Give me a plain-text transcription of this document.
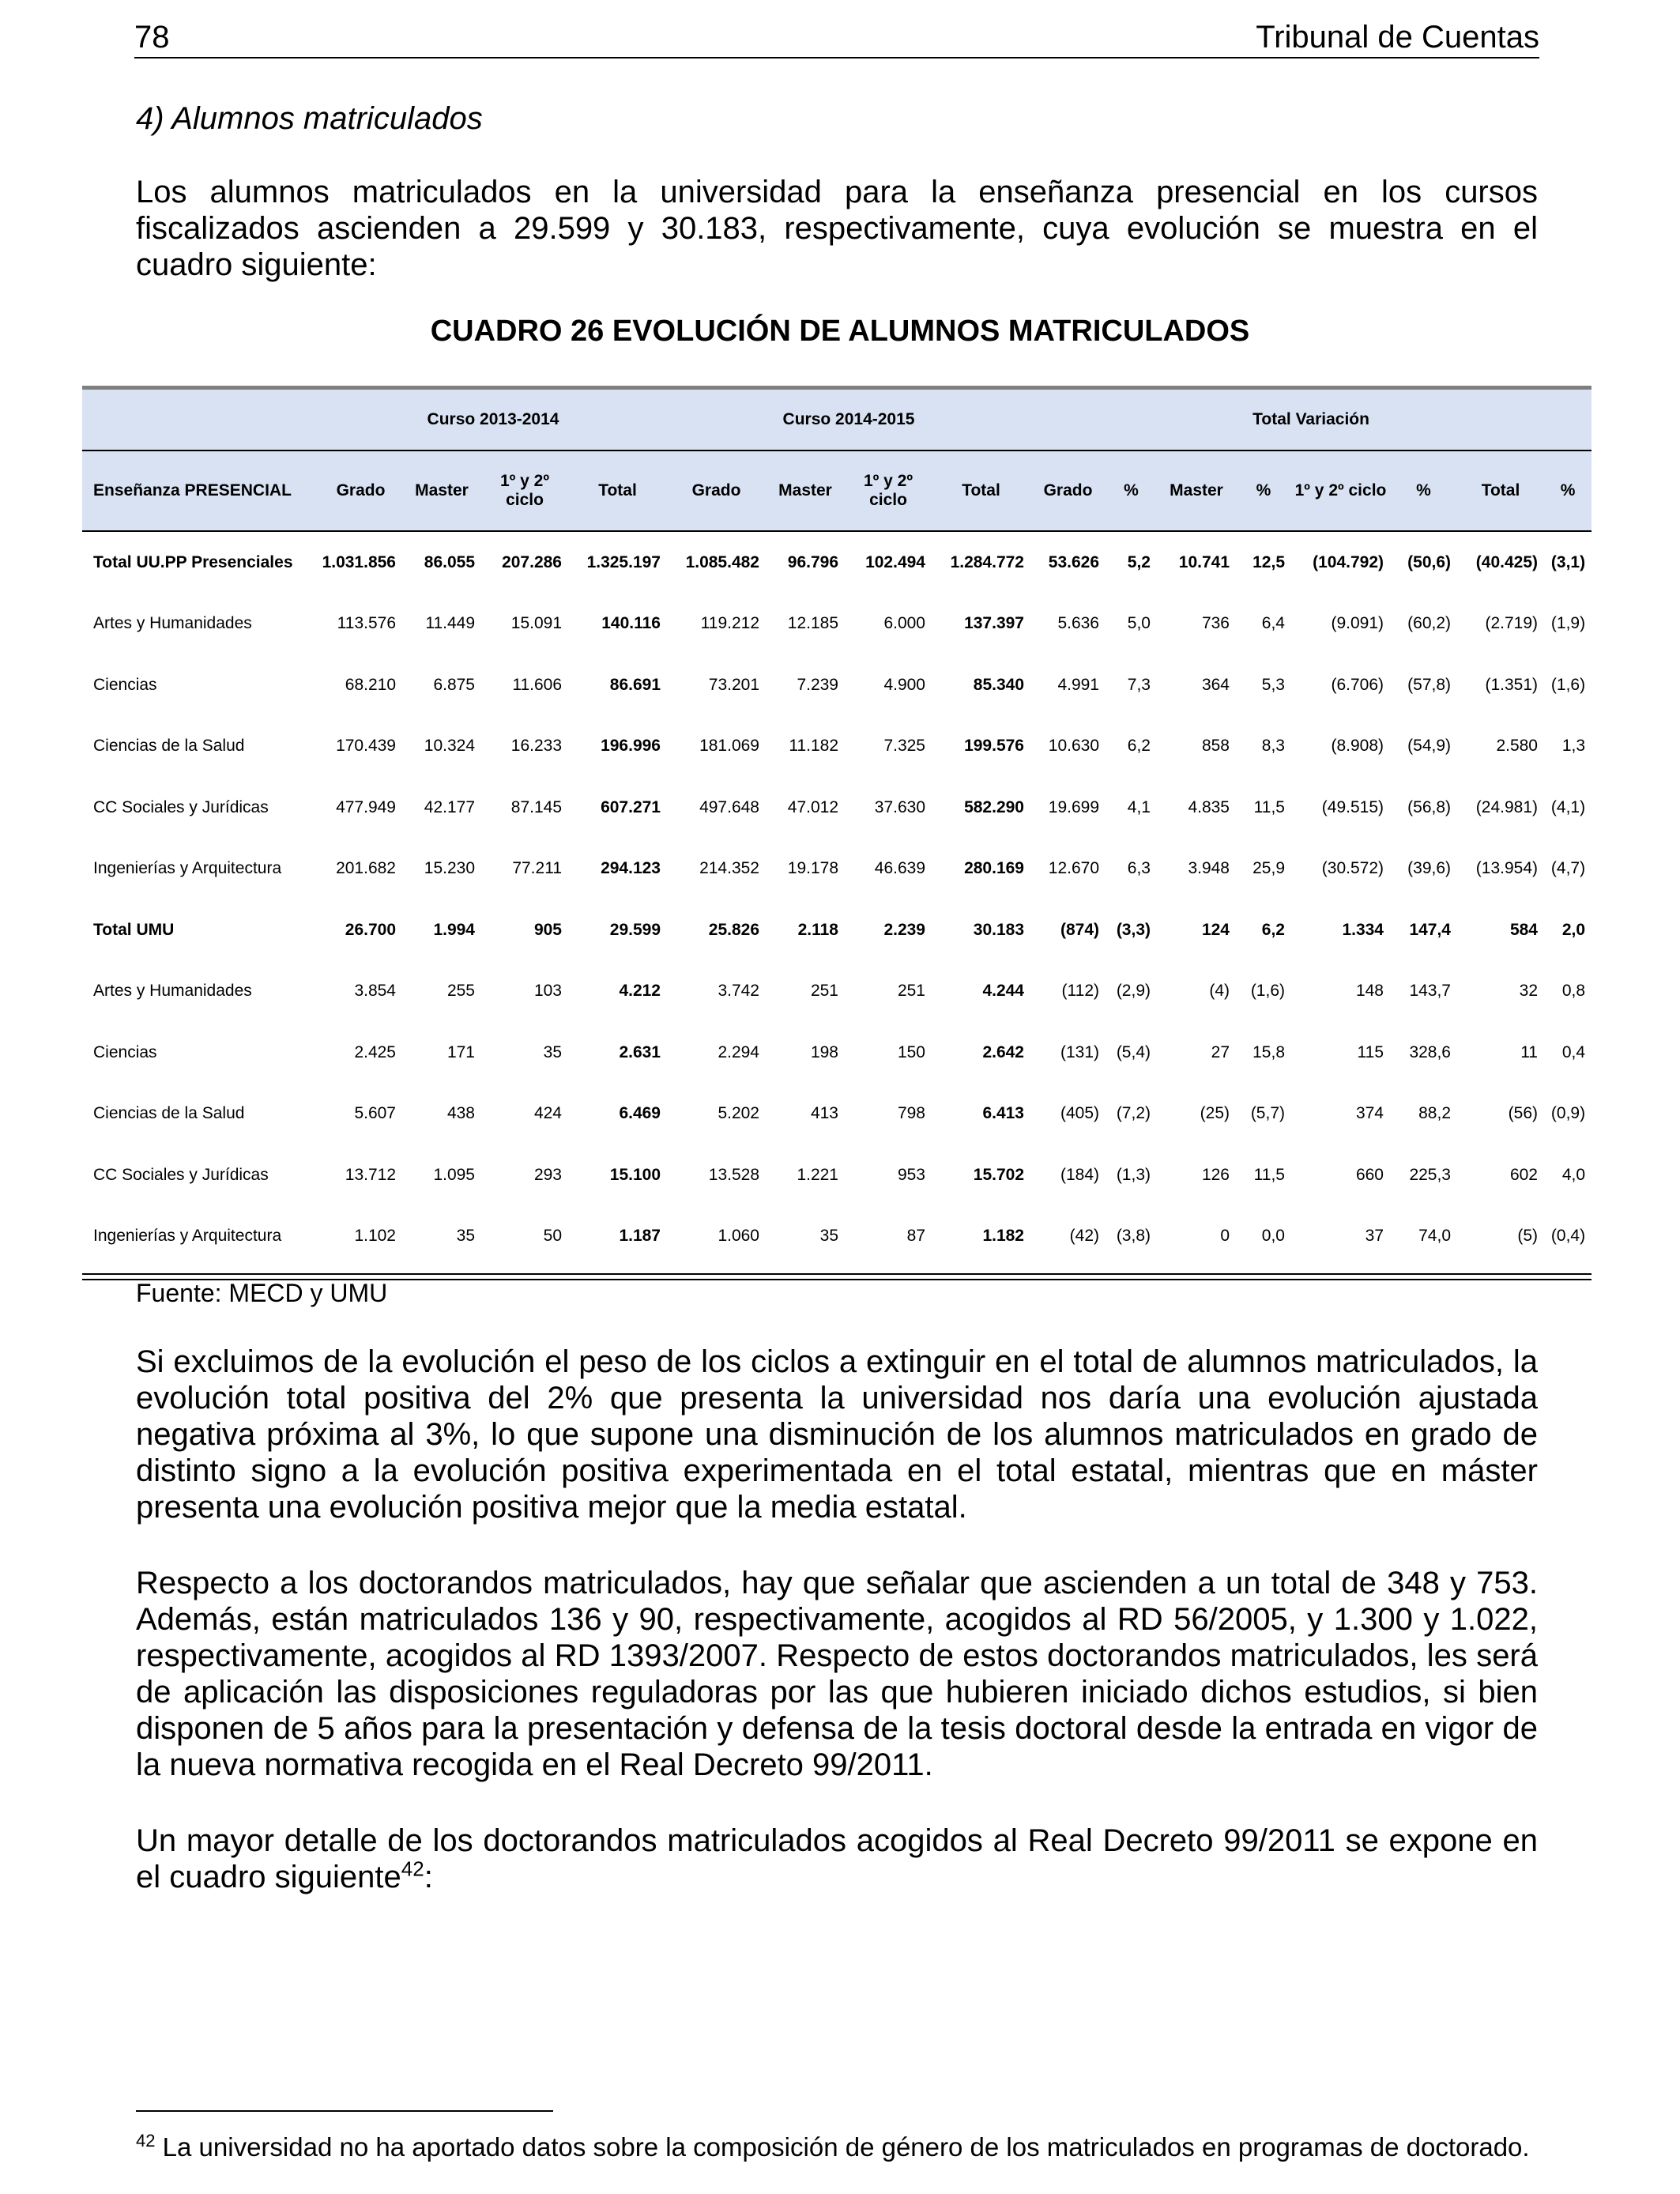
78	Tribunal de Cuentas
4) Alumnos matriculados
Los alumnos matriculados en la universidad para la enseñanza presencial en los cursos fiscalizados ascienden a 29.599 y 30.183, respectivamente, cuya evolución se muestra en el cuadro siguiente:
CUADRO 26 EVOLUCIÓN DE ALUMNOS MATRICULADOS
	Curso 2013-2014				Curso 2014-2015				Total Variación							
Enseñanza PRESENCIAL	Grado	Master	1º y 2º ciclo	Total	Grado	Master	1º y 2º ciclo	Total	Grado	%	Master	%	1º y 2º ciclo	%	Total	%
Total UU.PP Presenciales	1.031.856	86.055	207.286	1.325.197	1.085.482	96.796	102.494	1.284.772	53.626	5,2	10.741	12,5	(104.792)	(50,6)	(40.425)	(3,1)
Artes y Humanidades	113.576	11.449	15.091	140.116	119.212	12.185	6.000	137.397	5.636	5,0	736	6,4	(9.091)	(60,2)	(2.719)	(1,9)
Ciencias	68.210	6.875	11.606	86.691	73.201	7.239	4.900	85.340	4.991	7,3	364	5,3	(6.706)	(57,8)	(1.351)	(1,6)
Ciencias de la Salud	170.439	10.324	16.233	196.996	181.069	11.182	7.325	199.576	10.630	6,2	858	8,3	(8.908)	(54,9)	2.580	1,3
CC Sociales y Jurídicas	477.949	42.177	87.145	607.271	497.648	47.012	37.630	582.290	19.699	4,1	4.835	11,5	(49.515)	(56,8)	(24.981)	(4,1)
Ingenierías y Arquitectura	201.682	15.230	77.211	294.123	214.352	19.178	46.639	280.169	12.670	6,3	3.948	25,9	(30.572)	(39,6)	(13.954)	(4,7)
Total UMU	26.700	1.994	905	29.599	25.826	2.118	2.239	30.183	(874)	(3,3)	124	6,2	1.334	147,4	584	2,0
Artes y Humanidades	3.854	255	103	4.212	3.742	251	251	4.244	(112)	(2,9)	(4)	(1,6)	148	143,7	32	0,8
Ciencias	2.425	171	35	2.631	2.294	198	150	2.642	(131)	(5,4)	27	15,8	115	328,6	11	0,4
Ciencias de la Salud	5.607	438	424	6.469	5.202	413	798	6.413	(405)	(7,2)	(25)	(5,7)	374	88,2	(56)	(0,9)
CC Sociales y Jurídicas	13.712	1.095	293	15.100	13.528	1.221	953	15.702	(184)	(1,3)	126	11,5	660	225,3	602	4,0
Ingenierías y Arquitectura	1.102	35	50	1.187	1.060	35	87	1.182	(42)	(3,8)	0	0,0	37	74,0	(5)	(0,4)
Fuente: MECD y UMU
Si excluimos de la evolución el peso de los ciclos a extinguir en el total de alumnos matriculados, la evolución total positiva del 2% que presenta la universidad nos daría una evolución ajustada negativa próxima al 3%, lo que supone una disminución de los alumnos matriculados en grado de distinto signo a la evolución positiva experimentada en el total estatal, mientras que en máster presenta una evolución positiva mejor que la media estatal.
Respecto a los doctorandos matriculados, hay que señalar que ascienden a un total de 348 y 753. Además, están matriculados 136 y 90, respectivamente, acogidos al RD 56/2005, y 1.300 y 1.022, respectivamente, acogidos al RD 1393/2007. Respecto de estos doctorandos matriculados, les será de aplicación las disposiciones reguladoras por las que hubieren iniciado dichos estudios, si bien disponen de 5 años para la presentación y defensa de la tesis doctoral desde la entrada en vigor de la nueva normativa recogida en el Real Decreto 99/2011.
Un mayor detalle de los doctorandos matriculados acogidos al Real Decreto 99/2011 se expone en el cuadro siguiente$^{42}$:
$^{42}$ La universidad no ha aportado datos sobre la composición de género de los matriculados en programas de doctorado.
